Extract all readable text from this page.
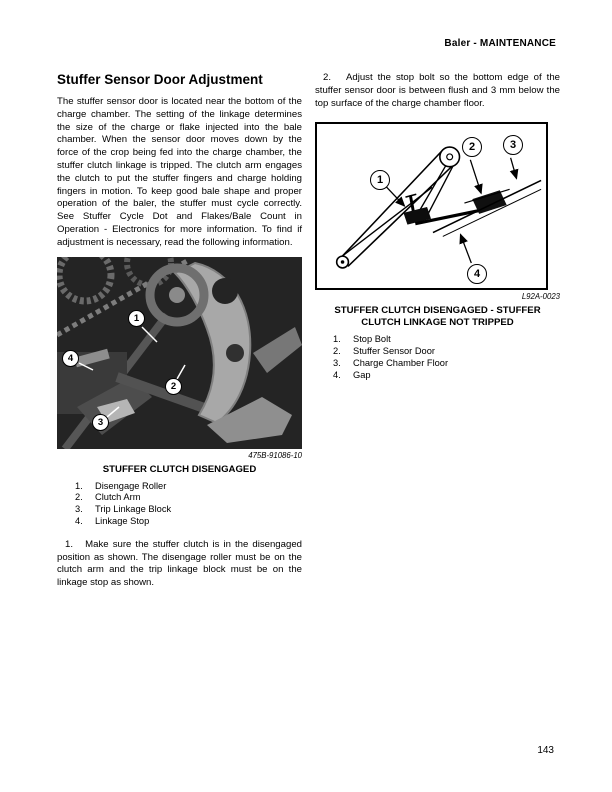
Baler - MAINTENANCE
Stuffer Sensor Door Adjustment

The stuffer sensor door is located near the bottom of the charge chamber. The setting of the linkage determines the size of the charge or flake injected into the bale chamber. When the sensor door moves down by the force of the crop being fed into the charge chamber, the stuffer clutch linkage is tripped. The clutch arm engages the clutch to put the stuffer fingers and charge holding fingers in motion. To keep good bale shape and proper operation of the baler, the stuffer must cycle correctly. See Stuffer Cycle Dot and Flakes/Bale Count in Operation - Electronics for more information. To find if adjustment is necessary, read the following information.

1
2
3
4
475B-91086-10
STUFFER CLUTCH DISENGAGED
1.	Disengage Roller
2.	Clutch Arm
3.	Trip Linkage Block
4.	Linkage Stop

1.   Make sure the stuffer clutch is in the disengaged position as shown. The disengage roller must be on the clutch arm and the trip linkage block must be on the linkage stop as shown.

2.   Adjust the stop bolt so the bottom edge of the stuffer sensor door is between flush and 3 mm below the top surface of the charge chamber floor.

1
2	3
4
L92A-0023
STUFFER CLUTCH DISENGAGED - STUFFER CLUTCH LINKAGE NOT TRIPPED
1.	Stop Bolt
2.	Stuffer Sensor Door
3.	Charge Chamber Floor
4.	Gap
143
